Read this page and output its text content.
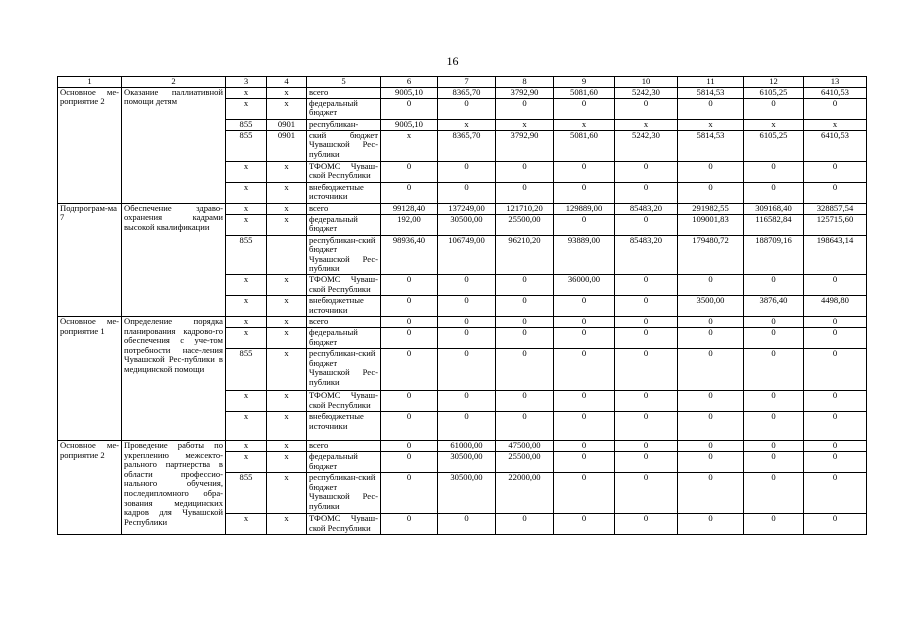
16
1	2	3	4	5	6	7	8	9	10	11	12	13
Основное ме-роприятие 2	Оказание паллиативной помощи детям	x	x	всего	9005,10	8365,70	3792,90	5081,60	5242,30	5814,53	6105,25	6410,53
		x	x	федеральный бюджет	0	0	0	0	0	0	0	0
		855	0901	республикан-	9005,10	x	x	x	x	x	x	x
		855	0901	ский бюджет Чувашской Рес-публики	x	8365,70	3792,90	5081,60	5242,30	5814,53	6105,25	6410,53
		x	x	ТФОМС Чуваш-ской Республики	0	0	0	0	0	0	0	0
		x	x	внебюджетные источники	0	0	0	0	0	0	0	0
Подпрограм-ма 7	Обеспечение здраво-охранения кадрами высокой квалификации	x	x	всего	99128,40	137249,00	121710,20	129889,00	85483,20	291982,55	309168,40	328857,54
		x	x	федеральный бюджет	192,00	30500,00	25500,00	0	0	109001,83	116582,84	125715,60
		855		республикан-ский бюджет Чувашской Рес-публики	98936,40	106749,00	96210,20	93889,00	85483,20	179480,72	188709,16	198643,14
		x	x	ТФОМС Чуваш-ской Республики	0	0	0	36000,00	0	0	0	0
		x	x	внебюджетные источники	0	0	0	0	0	3500,00	3876,40	4498,80
Основное ме-роприятие 1	Определение порядка планирования кадрово-го обеспечения с уче-том потребности насе-ления Чувашской Рес-публики в медицинской помощи	x	x	всего	0	0	0	0	0	0	0	0
		x	x	федеральный бюджет	0	0	0	0	0	0	0	0
		855	x	республикан-ский бюджет Чувашской Рес-публики	0	0	0	0	0	0	0	0
		x	x	ТФОМС Чуваш-ской Республики	0	0	0	0	0	0	0	0
		x	x	внебюджетные источники	0	0	0	0	0	0	0	0
Основное ме-роприятие 2	Проведение работы по укреплению межсекто-рального партнерства в области профессио-нального обучения, последипломного обра-зования медицинских кадров для Чувашской Республики	x	x	всего	0	61000,00	47500,00	0	0	0	0	0
		x	x	федеральный бюджет	0	30500,00	25500,00	0	0	0	0	0
		855	x	республикан-ский бюджет Чувашской Рес-публики	0	30500,00	22000,00	0	0	0	0	0
		x	x	ТФОМС Чуваш-ской Республики	0	0	0	0	0	0	0	0
